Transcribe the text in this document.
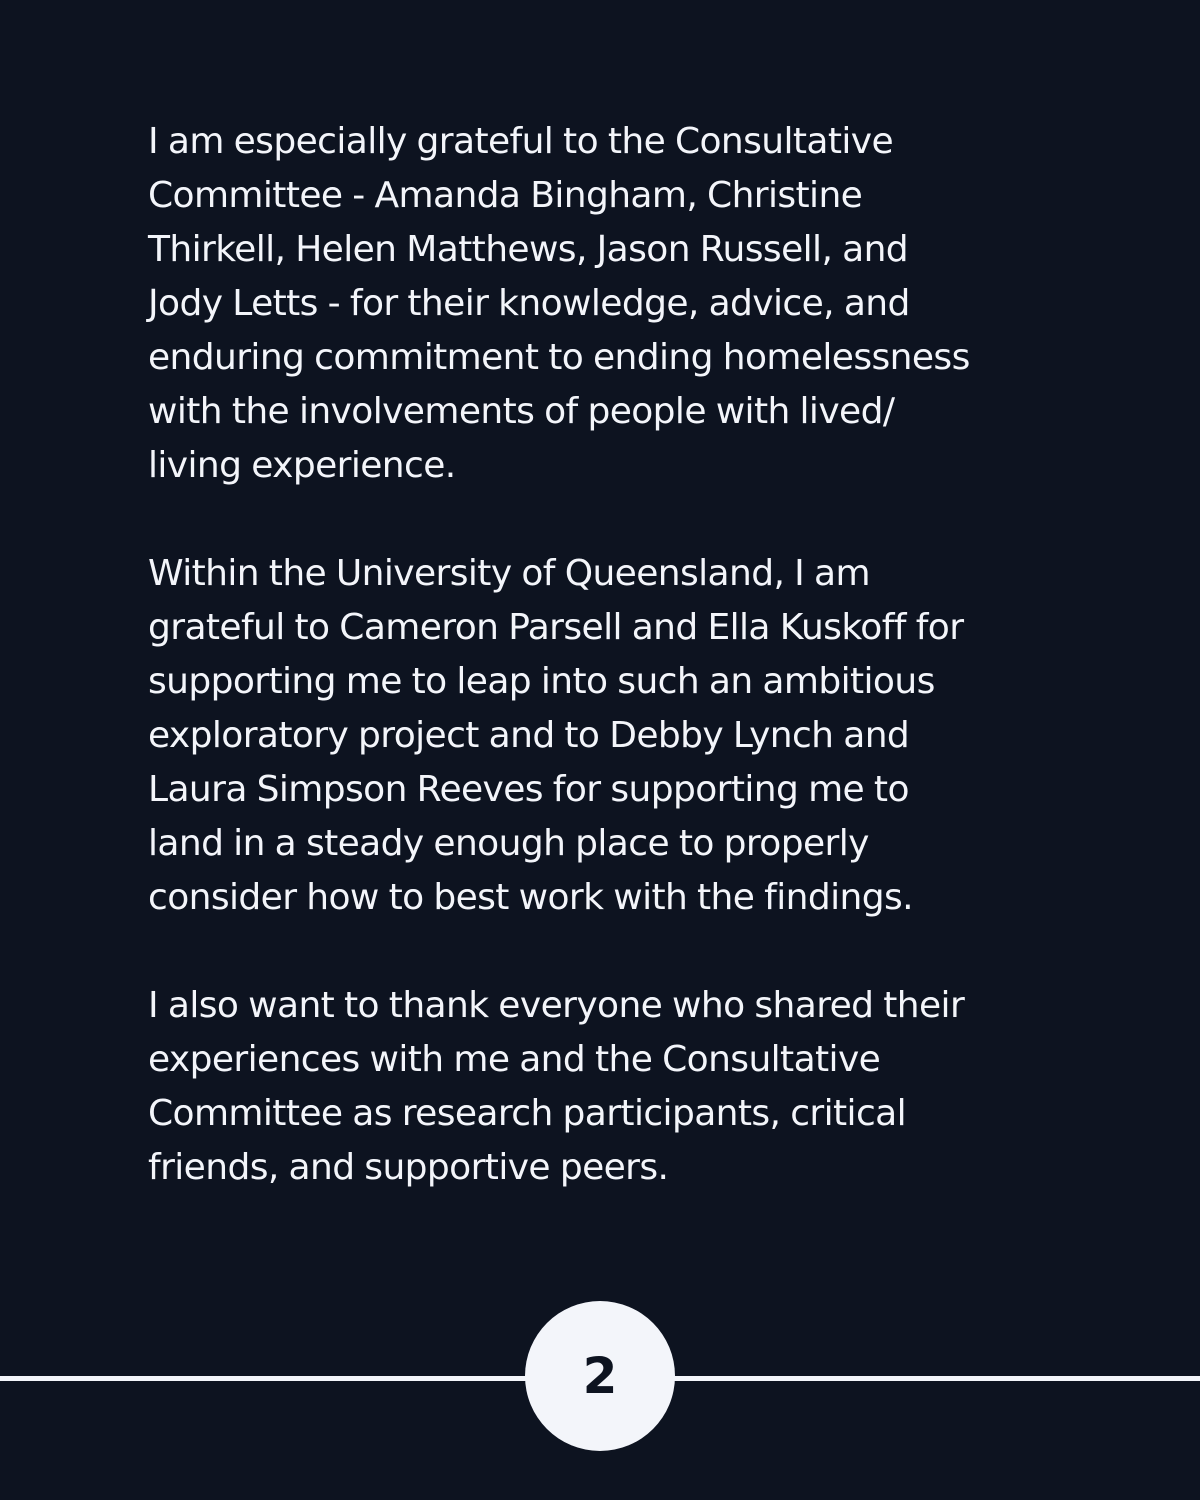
I am especially grateful to the Consultative
Committee - Amanda Bingham, Christine
Thirkell, Helen Matthews, Jason Russell, and
Jody Letts - for their knowledge, advice, and
enduring commitment to ending homelessness
with the involvements of people with lived/
living experience.
Within the University of Queensland, I am
grateful to Cameron Parsell and Ella Kuskoff for
supporting me to leap into such an ambitious
exploratory project and to Debby Lynch and
Laura Simpson Reeves for supporting me to
land in a steady enough place to properly
consider how to best work with the findings.
I also want to thank everyone who shared their
experiences with me and the Consultative
Committee as research participants, critical
friends, and supportive peers.
2
